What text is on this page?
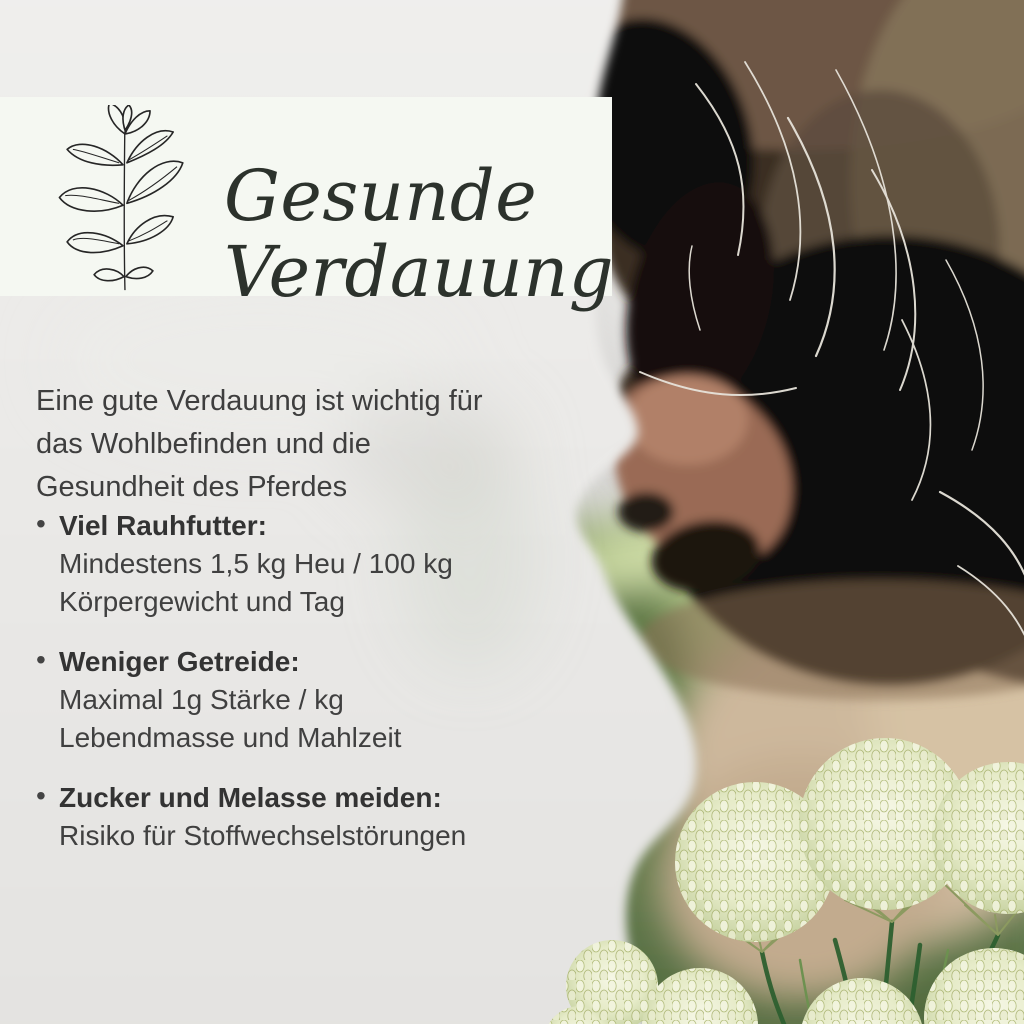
Gesunde
Verdauung

Eine gute Verdauung ist wichtig für
das Wohlbefinden und die
Gesundheit des Pferdes

• Viel Rauhfutter:
Mindestens 1,5 kg Heu / 100 kg
Körpergewicht und Tag
• Weniger Getreide:
Maximal 1g Stärke / kg
Lebendmasse und Mahlzeit
• Zucker und Melasse meiden:
Risiko für Stoffwechselstörungen
